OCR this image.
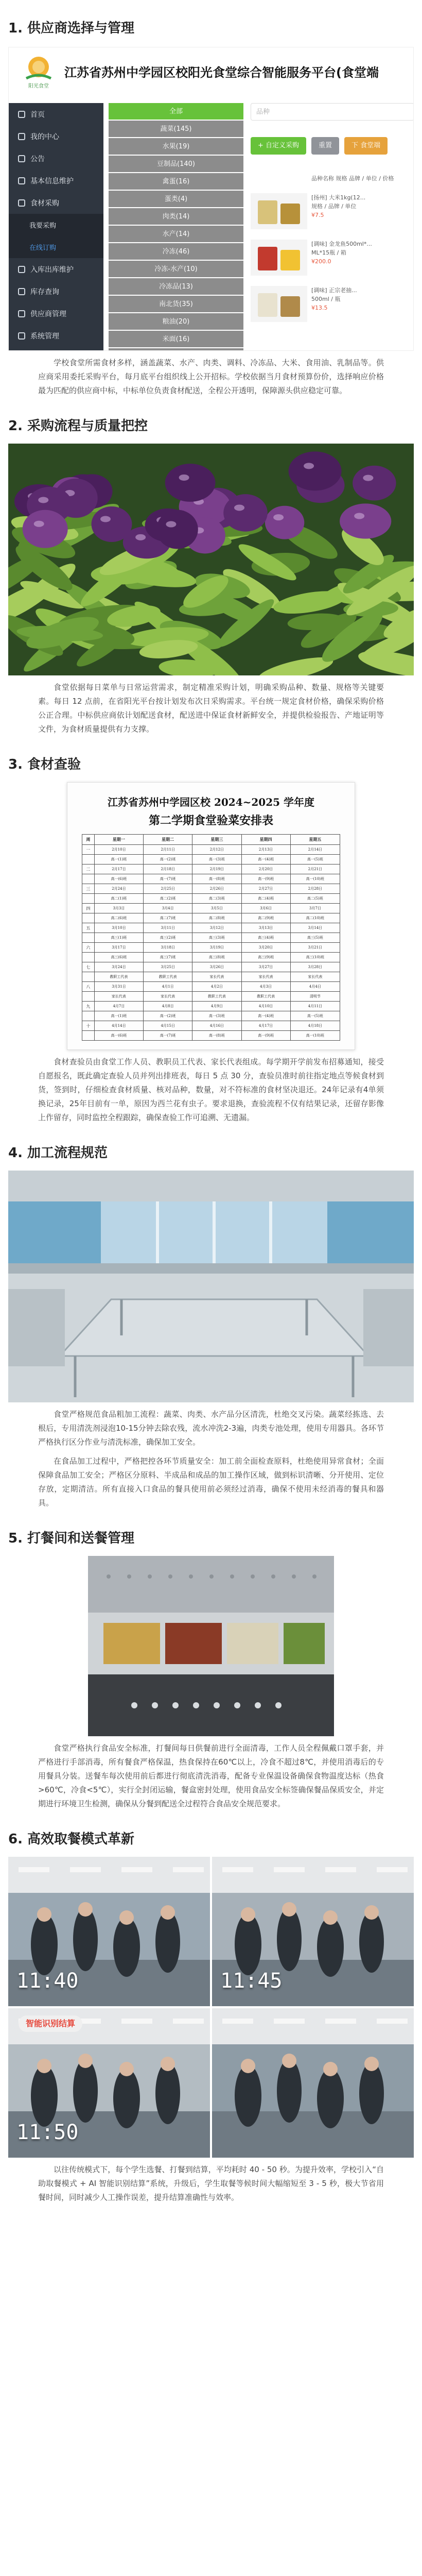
1. 供应商选择与管理
阳光食堂
江苏省苏州中学园区校阳光食堂综合智能服务平台(食堂端
首页
我的中心
公告
基本信息维护
食材采购
我要采购
在线订购
入库出库维护
库存查询
供应商管理
系统管理
全部
蔬菜(145)
水果(19)
豆制品(140)
禽蛋(16)
蛋类(4)
肉类(14)
水产(14)
冷冻(46)
冷冻-水产(10)
冷冻品(13)
南北货(35)
粮油(20)
米面(16)
品种
+ 自定义采购	重置	下 食堂端
品种名称 规格 品牌 / 单位 / 价格
[扬州] 大米1kg(12...
规格 / 品牌 / 单位
¥7.5
[调味] 金龙鱼500ml*...
ML*15瓶 / 箱
¥200.0
[调味] 正宗老抽...
500ml / 瓶
¥13.5

学校食堂所需食材多样，涵盖蔬菜、水产、肉类、调料、冷冻品、大米、食用油、乳制品等。供应商采用委托采购平台，每月底平台组织线上公开招标。学校依据当月食材预算份价，选择响应价格最为匹配的供应商中标，中标单位负责食材配送，全程公开透明，保障源头供应稳定可靠。

2. 采购流程与质量把控

食堂依据每日菜单与日常运营需求，制定精准采购计划，明确采购品种、数量、规格等关键要素。每日 12 点前，在省阳光平台按计划发布次日采购需求。平台统一规定食材价格，确保采购价格公正合理。中标供应商依计划配送食材，配送进中保证食材新鲜安全，并提供检验报告、产地证明等文件，为食材质量提供有力支撑。

3. 食材查验
江苏省苏州中学园区校 2024~2025 学年度
第二学期食堂验菜安排表
周	星期一	星期二	星期三	星期四	星期五
一	2月10日	2月11日	2月12日	2月13日	2月14日
	高一(1)班	高一(2)班	高一(3)班	高一(4)班	高一(5)班
二	2月17日	2月18日	2月19日	2月20日	2月21日
	高一(6)班	高一(7)班	高一(8)班	高一(9)班	高一(10)班
三	2月24日	2月25日	2月26日	2月27日	2月28日
	高二(1)班	高二(2)班	高二(3)班	高二(4)班	高二(5)班
四	3月3日	3月4日	3月5日	3月6日	3月7日
	高二(6)班	高二(7)班	高二(8)班	高二(9)班	高二(10)班
五	3月10日	3月11日	3月12日	3月13日	3月14日
	高三(1)班	高三(2)班	高三(3)班	高三(4)班	高三(5)班
六	3月17日	3月18日	3月19日	3月20日	3月21日
	高三(6)班	高三(7)班	高三(8)班	高三(9)班	高三(10)班
七	3月24日	3月25日	3月26日	3月27日	3月28日
	教职工代表	教职工代表	家长代表	家长代表	家长代表
八	3月31日	4月1日	4月2日	4月3日	4月4日
	家长代表	家长代表	教职工代表	教职工代表	清明节
九	4月7日	4月8日	4月9日	4月10日	4月11日
	高一(1)班	高一(2)班	高一(3)班	高一(4)班	高一(5)班
十	4月14日	4月15日	4月16日	4月17日	4月18日
	高一(6)班	高一(7)班	高一(8)班	高一(9)班	高一(10)班

食材查验员由食堂工作人员、教职员工代表、家长代表组成。每学期开学前发布招募通知，接受自愿报名，既此确定查验人员并列出排班表，每日 5 点 30 分，查验员准时前往指定地点等候食材到货，签到时，仔细检查食材质量、核对品种，数量，对不符标准的食材坚决退还。24年记录有4单须换记录，25年目前有一单，原因为西兰花有虫子。要求退换，查验流程不仅有结果记录，还留存影像上作留存，同时监控全程跟踪，确保查验工作可追溯、无遗漏。

4. 加工流程规范

食堂严格规范食品粗加工流程：蔬菜、肉类、水产品分区清洗，杜绝交叉污染。蔬菜经拣选、去根后，专用清洗剂浸泡10-15分钟去除农残，流水冲洗2-3遍，肉类专池处理，使用专用器具。各环节严格执行区分作业与清洗标准，确保加工安全。

在食品加工过程中，严格把控各环节质量安全：加工前全面检查原料，杜绝使用异常食材；全面保障食品加工安全；严格区分原料、半成品和成品的加工操作区域，做到标识清晰、分开使用、定位存放，定期清洁。所有直接入口食品的餐具使用前必须经过消毒，确保不使用未经消毒的餐具和器具。

5. 打餐间和送餐管理

食堂严格执行食品安全标准，打餐间每日供餐前进行全面清毒，工作人员全程佩戴口罩手套，并严格进行手部消毒，所有餐食严格保温，热食保持在60℃以上，冷食不超过8℃，并使用消毒后的专用餐具分装。送餐车每次使用前后都进行彻底清洗消毒，配备专业保温设备确保食物温度达标（热食>60℃，冷食<5℃），实行全封闭运输，餐盒密封处理，使用食品安全标签确保餐品保质安全，并定期进行环境卫生检测，确保从分餐到配送全过程符合食品安全规范要求。

6. 高效取餐模式革新
11:40	11:45
智能识别结算
11:50

以往传统模式下，每个学生选餐、打餐到结算，平均耗时 40 - 50 秒。为提升效率，学校引入“自助取餐模式 + AI 智能识别结算”系统，升级后，学生取餐等候时间大幅缩短至 3 - 5 秒，极大节省用餐时间，同时减少人工操作误差，提升结算准确性与效率。
